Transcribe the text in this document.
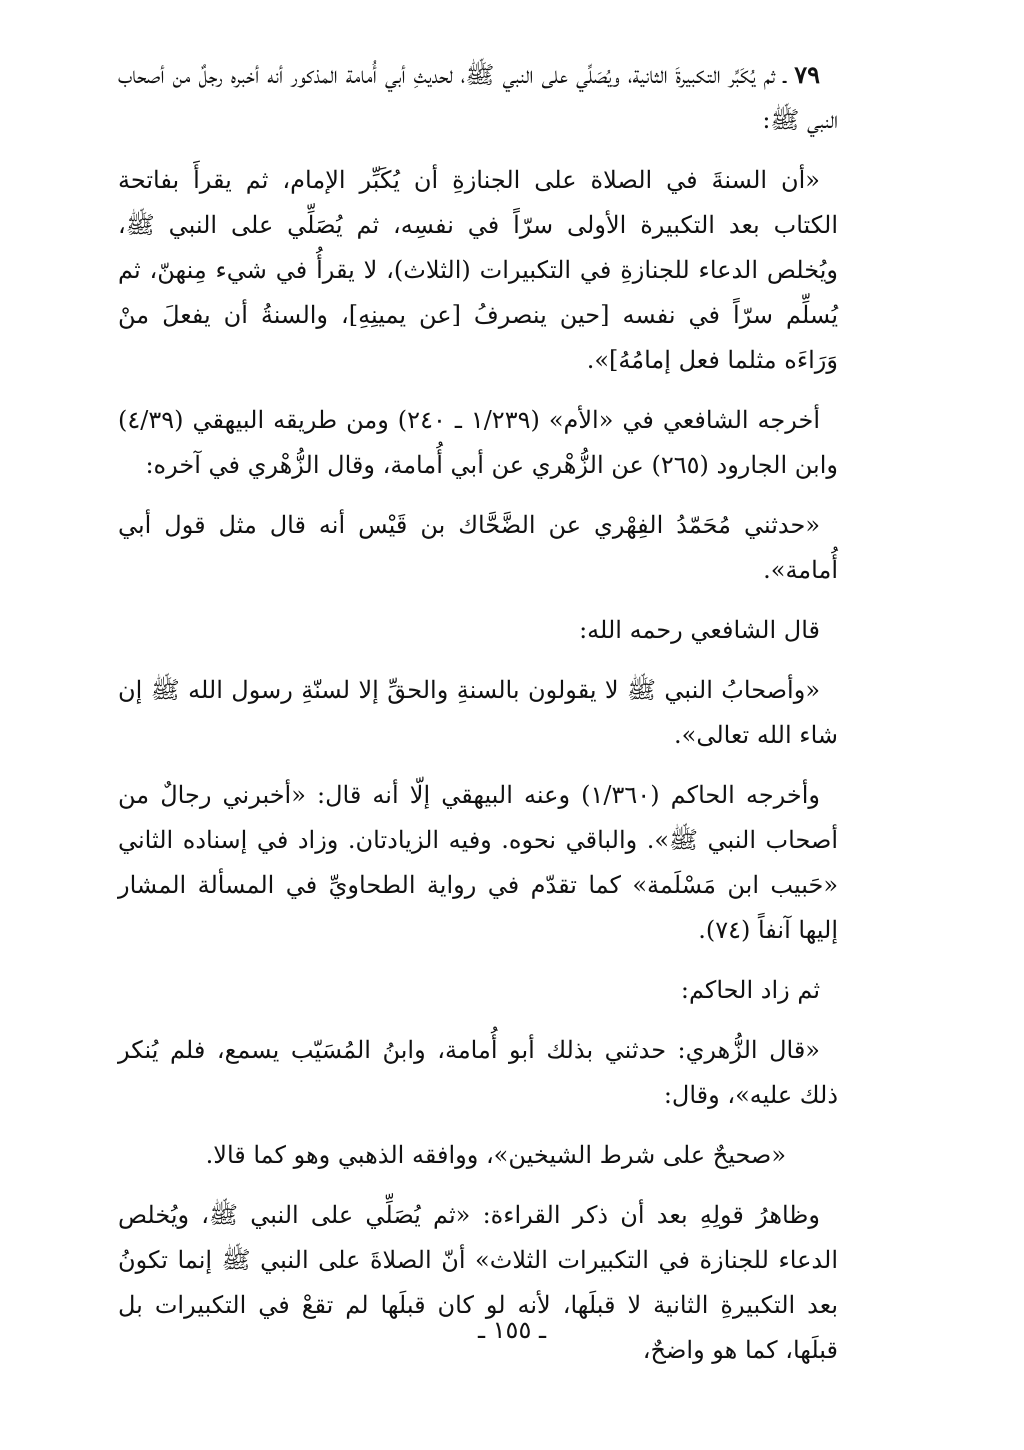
٧٩ ـ ثم يُكَبِّر التكبيرةَ الثانية، ويُصَلِّي على النبي ﷺ، لحديثِ أبي أُمامة المذكور أنه أخبره رجلٌ من أصحاب النبي ﷺ:

«أن السنةَ في الصلاة على الجنازةِ أن يُكَبِّر الإمام، ثم يقرأَ بفاتحة الكتاب بعد التكبيرة الأولى سرّاً في نفسِه، ثم يُصَلِّي على النبي ﷺ، ويُخلص الدعاء للجنازةِ في التكبيرات (الثلاث)، لا يقرأُ في شيء مِنهنّ، ثم يُسلِّم سرّاً في نفسه [حين ينصرفُ [عن يمينِهِ]، والسنةُ أن يفعلَ منْ وَرَاءَه مثلما فعل إمامُهُ]».

أخرجه الشافعي في «الأم» (١/٢٣٩ ـ ٢٤٠) ومن طريقه البيهقي (٤/٣٩) وابن الجارود (٢٦٥) عن الزُّهْري عن أبي أُمامة، وقال الزُّهْري في آخره:

«حدثني مُحَمّدُ الفِهْري عن الضَّحَّاك بن قَيْس أنه قال مثل قول أبي أُمامة».

قال الشافعي رحمه الله:

«وأصحابُ النبي ﷺ لا يقولون بالسنةِ والحقِّ إلا لسنّةِ رسول الله ﷺ إن شاء الله تعالى».

وأخرجه الحاكم (١/٣٦٠) وعنه البيهقي إلّا أنه قال: «أخبرني رجالٌ من أصحاب النبي ﷺ». والباقي نحوه. وفيه الزيادتان. وزاد في إسناده الثاني «حَبيب ابن مَسْلَمة» كما تقدّم في رواية الطحاويِّ في المسألة المشار إليها آنفاً (٧٤).

ثم زاد الحاكم:

«قال الزُّهري: حدثني بذلك أبو أُمامة، وابنُ المُسَيّب يسمع، فلم يُنكر ذلك عليه»، وقال:

«صحيحٌ على شرط الشيخين»، ووافقه الذهبي وهو كما قالا.

وظاهرُ قولِهِ بعد أن ذكر القراءة: «ثم يُصَلِّي على النبي ﷺ، ويُخلص الدعاء للجنازة في التكبيرات الثلاث» أنّ الصلاةَ على النبي ﷺ إنما تكونُ بعد التكبيرةِ الثانية لا قبلَها، لأنه لو كان قبلَها لم تقعْ في التكبيرات بل قبلَها، كما هو واضحٌ،

ـ ١٥٥ ـ
